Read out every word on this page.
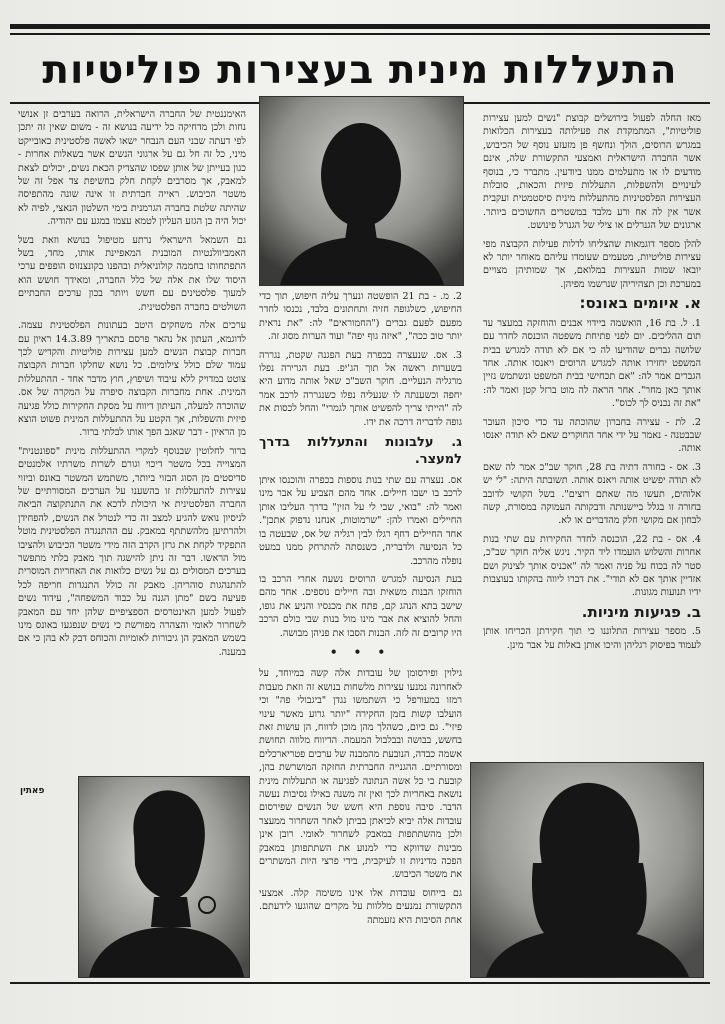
התעללות מינית בעצירות פוליטיות

מאז החלה לפעול בירושלים קבוצת "נשים למען עצירות פוליטיות", המתמקדת את פעילותה בעצירות הכלואות במגרש הרוסים, הולך ונחשף פן מזעזע נוסף של הכיבוש, אשר החברה הישראלית ואמצעי התקשורת שלה, אינם מודעים לו או מתעלמים ממנו ביודעין. מתברר כי, בנוסף לעינויים ולהשפלות, התעללות פיזית והכאות, סובלות העצירות הפלסטיניות מהתעללות מינית סיסטמטית ועקבית אשר אין לה אח ורע מלבד במשטרים החשוכים ביותר. ארגונים של הגנרלים או צילי של הגנרל פינושט.

להלן מספר דוגמאות שהצליחו לדלות פעילות הקבוצה מפי עצירות פוליטיות, מטעמים שעומדו עליהם מאוחר יותר לא יובאו שמות העצירות במלואם, אך שמותיהן מצויים במערכת וכן תצהיריהן שנרשמו מפיהן.

א. איומים באונס:

1. ל. בת 16, הואשמה ביידוי אבנים והוחזקה במעצר עד תום ההליכים. יום לפני פתיחת משפטה הוכנסה לחדר עם שלושה גברים שהודיעו לה כי אם לא תודה למגרש בבית המשפט יחזירו אותה למגרש הרוסים ויאנסו אותה. אחד הגברים אמר לה: "אם תכחישי בבית המשפט ונשתמש נזיין אותך כאן מחר". אחר הראה לה מוט ברזל קטן ואמר לה: "את זה נכניס לך לכוס".

2. לת - עצירה בחברון שהוכתה עד כדי סיכון העובר שבבטנה - נאמר על ידי אחד החוקרים שאם לא תודה יאנסו אותה.

3. אס - בחורה דתיה בת 28, חוקר שב"כ אמר לה שאם לא תודה יפשיט אותה ויאנס אותה. תשובתה היתה: "לי יש אלוהים, תעשו מה שאתם רוצים". בשל הקושי לדובב בחורה זו בגלל ביישנותה ודבקותה העמוקה במסורת, קשה לבחון אם מקושי חלק מהדברים או לא.

4. אס - בת 22, הוכנסה לחדר החקירות עם שתי בנות אחרות והשלוש הועמדו ליד הקיר. ניגש אליה חוקר שב"כ, סטר לה בכוח על פניה ואמר לה "אכניס אותך לצינוק ושם אזדיין אותך אם לא תודי". את דברו ליווה בהקותו בעוצבות ידיו תנועות מגונות.

ב. פגיעות מיניות.

5. מספר עצירות התלוננו כי תוך חקירתן הכריחו אותן לעמוד בפיסוק רגליהן והיכו אותן באלות על אבר מינן.

2. מ. - בת 21 הופשטה ונערך עליה חיפוש, תוך כדי החיפוש, כשלגופה חזיה ותחתונים בלבד, נכנסו לחדר מפעם לפעם גברים ("החמוראים" לה: "את נראית יותר טוב ככה", "איזה גוף יפה" ועוד הערות מסוג זה.

3. אס. שנעצרה בכפרה בעת הפגנה שקטת, נגררה בשערות ראשה אל תוך הג'יפ. בעת הגרירה נפלו מרגליה הנעליים. חוקר השב"כ שאל אותה מדוע היא יחפה וכשענתה לו שנעליה נפלו כשנגררה לרכב אמר לה "הייתי צריך להפשיט אותך לגמרי" והחל לכסות את גופה לדבריה דרכה את ידו.

ג. עלבונות והתעללות בדרך למעצר.

אס. נעצרה עם שתי בנות נוספות בכפרה והוכנסו איתן לרכב בו ישבו חיילים. אחד מהם הצביע על אבר מינו ואמר לה: "בואי, שבי לי על הזין" בדרך העליבו אותן החיילים ואמרו להן: "שרמוטות, אנחנו נדפוק אתכן". אחד החיילים דחף רגלו לבין רגליה של אס, שבעטה בו כל הנסיעה ולדבריה, כשנסתה להתרחק ממנו במעט נופלה מהרכב.

בעת הנסיעה למגרש הרוסים נשעה אחרי הרכב בו הוחזקו הבנות משאית ובה חיילים נוספים. אחד מהם שישב בתא הנהג קם, פתח את מכנסיו והניע את גופו, והחל להוציא את אבר מינו מול בנות שבי כולם הרכב היו קרובים זה לזה. הבנות הסבו את פניהן מבושה.

• • •

גילוין ופירסומן של עובדות אלה קשה במיוחד, על לאחרונה נמנעו עצירות מלשחות בנושא זה וזאת מעבות רמזו במעורפל כי השתמשו נגדן "ביגבולי פה" וכי הועלבו קשות בזמן החקירה "יותר גרוע מאשר עינוי פיזי". גם כיום, כשהלך מהן מוכן לדווח, הן עושות זאת בחשש, בבושה ובבלבול המעמה. הדיווח מלווה תחושת אשמה כבדה, הנובעת מהמבנה של ערכים פטריארכלים ומסורתיים. ההגנייה החברתית החזקה המושרשת בהן, קובעת כי כל אשה הנתונה לפגיעה או התעללות מינית נושאת באחריות לכך ואין זה משנה באילו נסיבות נעשה הדבר. סיבה נוספת היא חשש של הנשים שפירסום עובדות אלה יביא לכיאתן בביתן לאחר השחרור ממעצר ולכן מהשתתפות במאבק לשחרור לאומי. רובן אינן מבינות שדווקא כדי למנוע את השתתפותן במאבק הפכה מדיניות זו לעיקבית, בידי פרצי היות המשתרים את משטר הכיבוש.

גם בייחוס עובדות אלו אינו משימה קלה. אמצעי התקשורת נמנעים מללוות על מקרים שהוגעו לידעתם. אחת הסיבות היא נזעמתה

האימננטית של החברה הישראלית, הרואה בערבים זן אנושי נחות ולכן מדחיקה כל ידיעה בנושא זה - משום שאין זה יתכן לפי דעתה שבני העם הנבחר ישאו לאשה פלסטינית כאובייקט מיני, כל זה חל גם על ארגוני הנשים אשר בשאלות אחרות - כגון בעייתן של אותן שפסו שהצדיק הכאת נשים, יכולים לצאת למאבק, אך מסרבים לקחת חלק בחשיפת צד אפל זה של משטר הכיבוש. ראייה חברתית זו אינה שונה מהתפיסה שהיתה שלטת בחברה הגרמנית בימי השלטון הנאצי, לפיה לא יכול היה בן הגזע העליון לטמא עצמו במגע עם יהודיה.

גם השמאל הישראלי נרתע מטיפול בנושא וזאת בשל האמביוולנטיות המובנית המאפיינת אותו, מחד, בשל התפתחותו בחממה קולוניאלית ובהפנו בקונצנזוס הופפים ערכי היסוד שלו את אלה של כלל החברה, ומאידך חושש הוא למעוך פלסטינים עם חשש ויותר בכון ערכים החבתיים השולטים בחברה הפלסטינית.

ערכים אלה משחקים היטב בעתונות הפלסטינית עצמה. לדוגמא, העתון אל נהאר פרסם בתאריך 14.3.89 ראיון עם חברות קבוצת הנשים למען עצירות פוליטיות והקדיש לכך עמוד שלם כולל צילומים. כל נושא שחלקו חברות הקבוצה צוטט במדויק ללא עיבוד ושיפוץ, חוץ מדבר אחד - ההתעללות המינית. אחת מחברות הקבוצה סיפרה על המקרה של אס. שהוכרה למעלה, העיתון דיווח על מסקת החקירות כולל פגיעה פיזית והשפלות, אך הקטע על ההתעללות המינית פשוט הוצא מן הראיון - דבר שאגב הפך אותו לבלתי ברור.

ברור לחלוטין שבנוסף למקרי ההתעללות מינית "ספונטנית" המצוייה בכל משטר דיכוי וגורם לשרות משרתיו אלמנטים סדיסטים מן הסוג הבזוי ביותר, משתמש המשטר באונס וביזוי עצירות להתעללות זו בהשענו על הערכים המסורתיים של החברה הפלסטינית אי היכולת לדכא את התנתקוצה הביאה לניסיון נואש להגיע למצב זה כדי לנטרל את הנשים, להפחידן ולהרתיען מלהשתתף במאבק. עם ההתנגדה הפלסטינית מוטל התפקיד לקחת את גרזן הקרב הזה מידי משטר הכיבוש ולהציבו מול הראשו. דבר זה ניתן להישגה תוך מאבק בלתי מתפשר בערכים המסולים גם על נשים כלואות את האחריות המוסרית להתנהגות סוהריהן. מאבק זה כולל התנגדות חריפה לכל פעיעה בשם "מתן הגנה על כבוד המשפחה", עידוד נשים לפעול למען האינטרסים הספציפיים שלהן יחד עם המאבק לשחרור לאומי והצהרה מפורשת כי נשים שנפגעו באונס מינו בשמש המאבק הן גיבורות לאומיות והכוחס דבק לא בהן כי אם במענה.

פאתין
